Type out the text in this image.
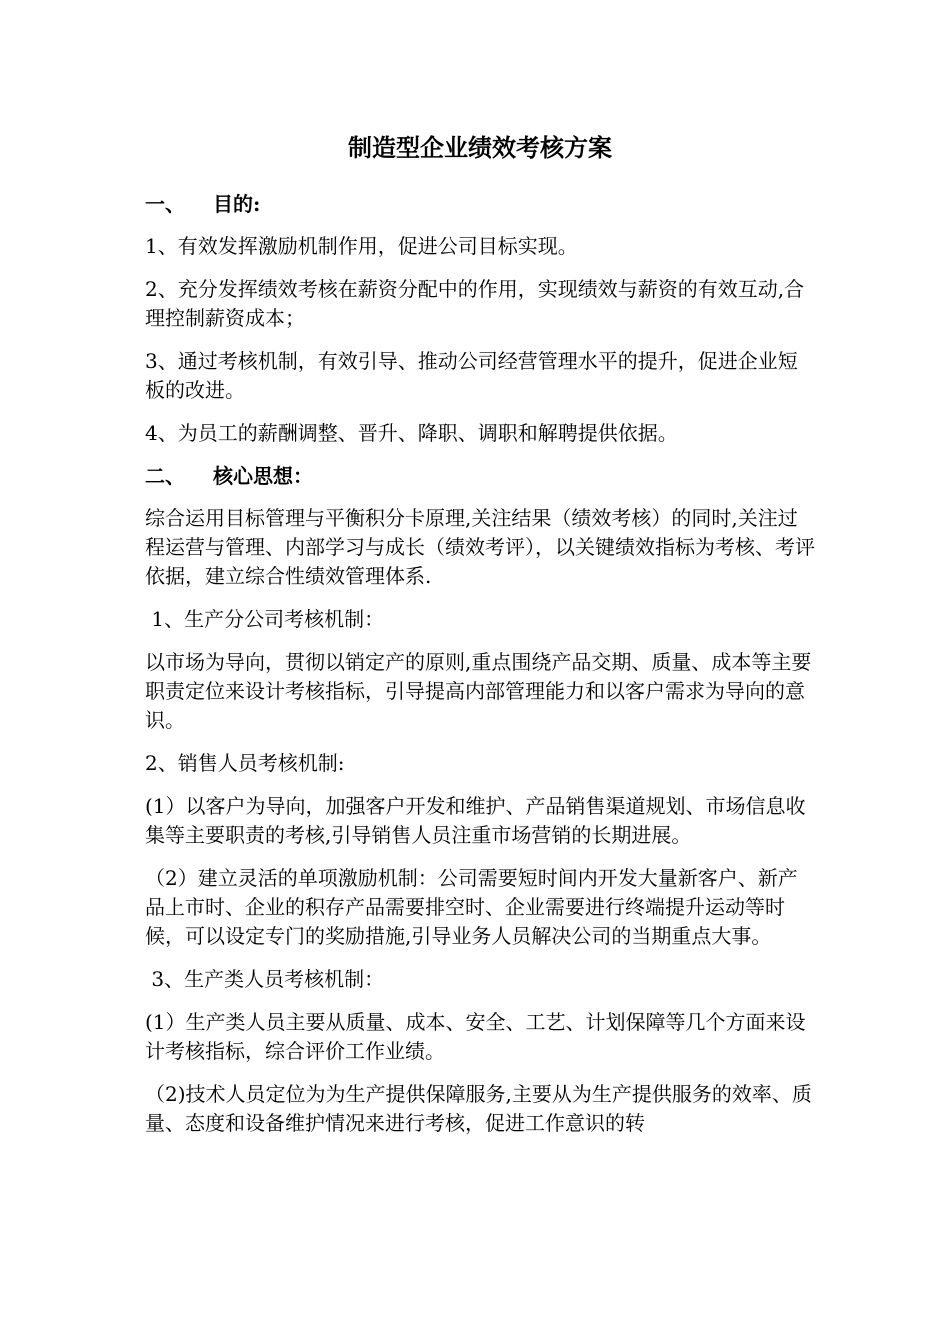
制造型企业绩效考核方案
一、 目的:

1、有效发挥激励机制作用，促进公司目标实现。

2、充分发挥绩效考核在薪资分配中的作用，实现绩效与薪资的有效互动,合理控制薪资成本；

3、通过考核机制，有效引导、推动公司经营管理水平的提升，促进企业短板的改进。

4、为员工的薪酬调整、晋升、降职、调职和解聘提供依据。

二、 核心思想：

综合运用目标管理与平衡积分卡原理,关注结果（绩效考核）的同时,关注过程运营与管理、内部学习与成长（绩效考评），以关键绩效指标为考核、考评依据，建立综合性绩效管理体系.

1、生产分公司考核机制：

以市场为导向，贯彻以销定产的原则,重点围绕产品交期、质量、成本等主要职责定位来设计考核指标，引导提高内部管理能力和以客户需求为导向的意识。

2、销售人员考核机制:

(1）以客户为导向，加强客户开发和维护、产品销售渠道规划、市场信息收集等主要职责的考核,引导销售人员注重市场营销的长期进展。

（2）建立灵活的单项激励机制：公司需要短时间内开发大量新客户、新产品上市时、企业的积存产品需要排空时、企业需要进行终端提升运动等时候，可以设定专门的奖励措施,引导业务人员解决公司的当期重点大事。

3、生产类人员考核机制：

(1）生产类人员主要从质量、成本、安全、工艺、计划保障等几个方面来设计考核指标，综合评价工作业绩。

（2)技术人员定位为为生产提供保障服务,主要从为生产提供服务的效率、质量、态度和设备维护情况来进行考核，促进工作意识的转
